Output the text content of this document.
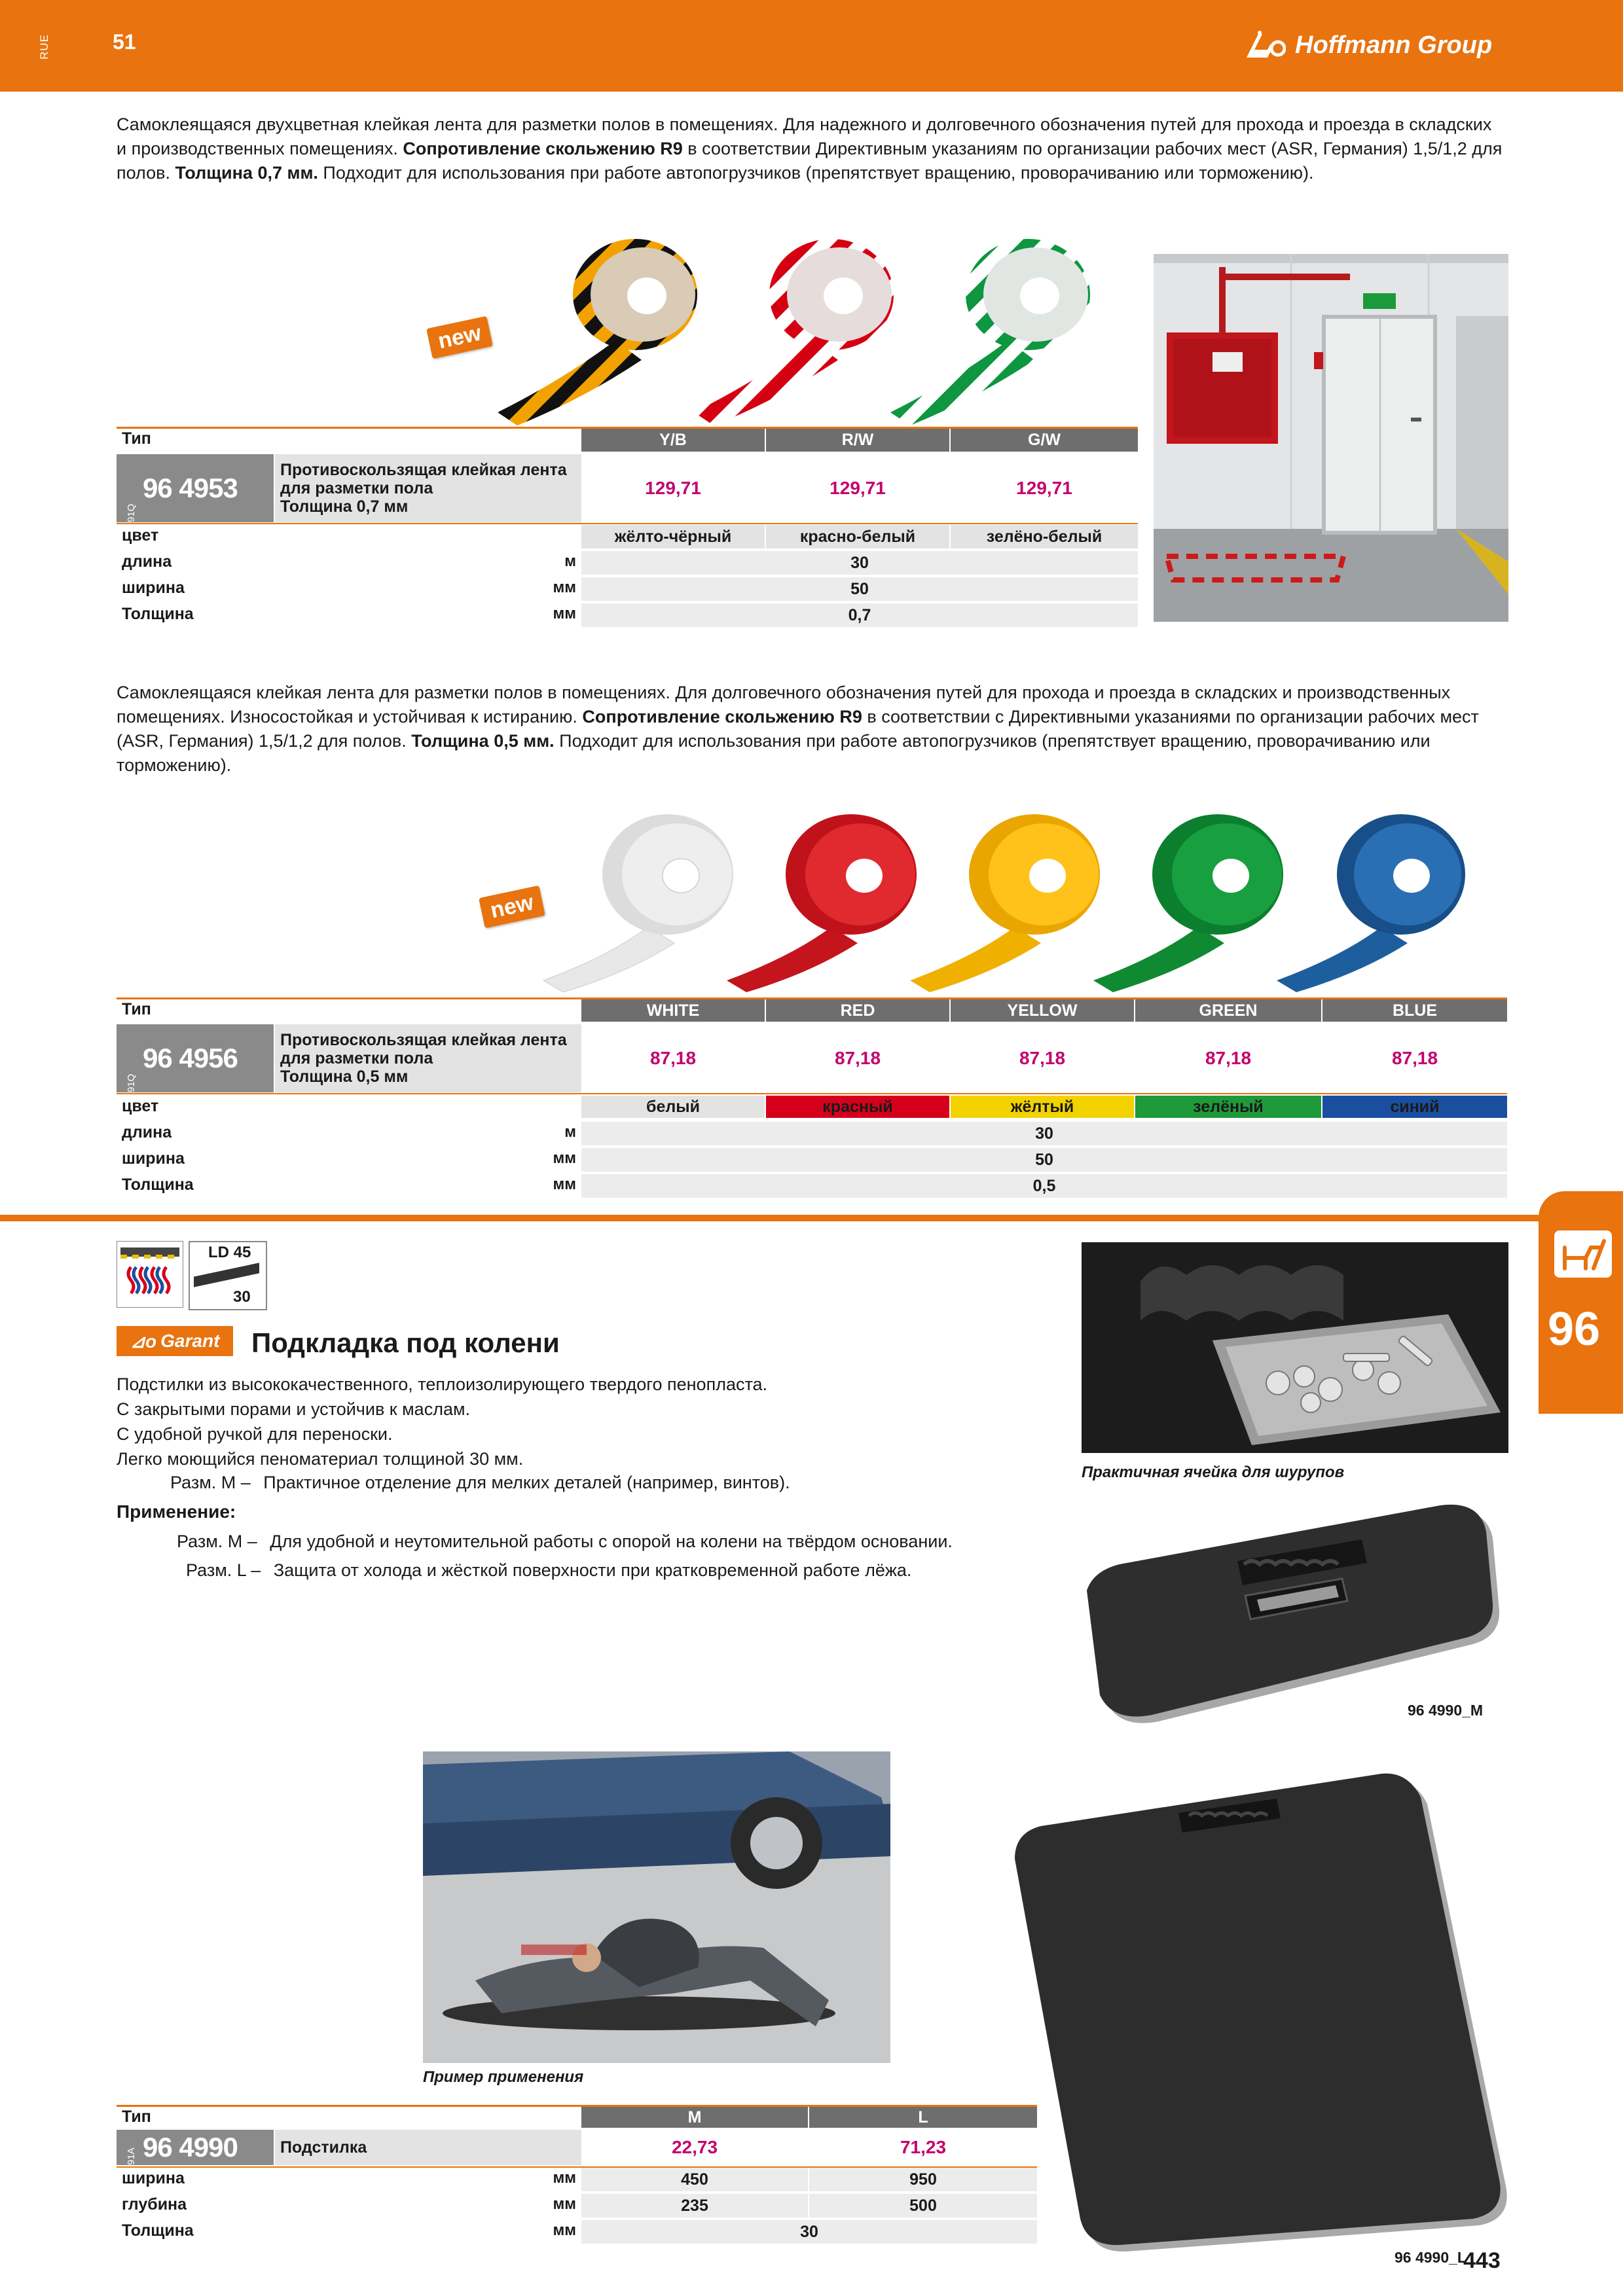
RUE	51	Hoffmann Group

Самоклеящаяся двухцветная клейкая лента для разметки полов в помещениях. Для надежного и долговечного обозначения путей для прохода и проезда в складских и производственных помещениях. Сопротивление скольжению R9 в соответствии Директивным указаниям по организации рабочих мест (ASR, Германия) 1,5/1,2 для полов. Толщина 0,7 мм. Подходит для использования при работе автопогрузчиков (препятствует вращению, проворачиванию или торможению).

new
Тип	Y/B	R/W	G/W
91Q
96 4953
Противоскользящая клейкая лента для разметки пола
Толщина 0,7 мм
129,71	129,71	129,71
цвет	жёлто-чёрный	красно-белый	зелёно-белый
длина	м	30
ширина	мм	50
Толщина	мм	0,7

Самоклеящаяся клейкая лента для разметки полов в помещениях. Для долговечного обозначения путей для прохода и проезда в складских и производственных помещениях. Износостойкая и устойчивая к истиранию. Сопротивление скольжению R9 в соответствии с Директивными указаниями по организации рабочих мест (ASR, Германия) 1,5/1,2 для полов. Толщина 0,5 мм. Подходит для использования при работе автопогрузчиков (препятствует вращению, проворачиванию или торможению).

new
Тип	WHITE	RED	YELLOW	GREEN	BLUE
91Q
96 4956
Противоскользящая клейкая лента для разметки пола
Толщина 0,5 мм
87,18	87,18	87,18	87,18	87,18
цвет	белый	красный	жёлтый	зелёный	синий
длина	м	30
ширина	мм	50
Толщина	мм	0,5
96
LD 45
30
⊿o Garant Подкладка под колени
Подстилки из высококачественного, теплоизолирующего твердого пенопласта.
С закрытыми порами и устойчив к маслам.
С удобной ручкой для переноски.
Легко моющийся пеноматериал толщиной 30 мм.
Разм. M – Практичное отделение для мелких деталей (например, винтов).
Применение:
Разм. M – Для удобной и неутомительной работы с опорой на колени на твёрдом основании.
Разм. L – Защита от холода и жёсткой поверхности при кратковременной работе лёжа.
Практичная ячейка для шурупов
96 4990_M
Пример применения
96 4990_L
Тип	M	L
91A 96 4990	Подстилка	22,73	71,23
ширина	мм	450	950
глубина	мм	235	500
Толщина	мм	30
443
